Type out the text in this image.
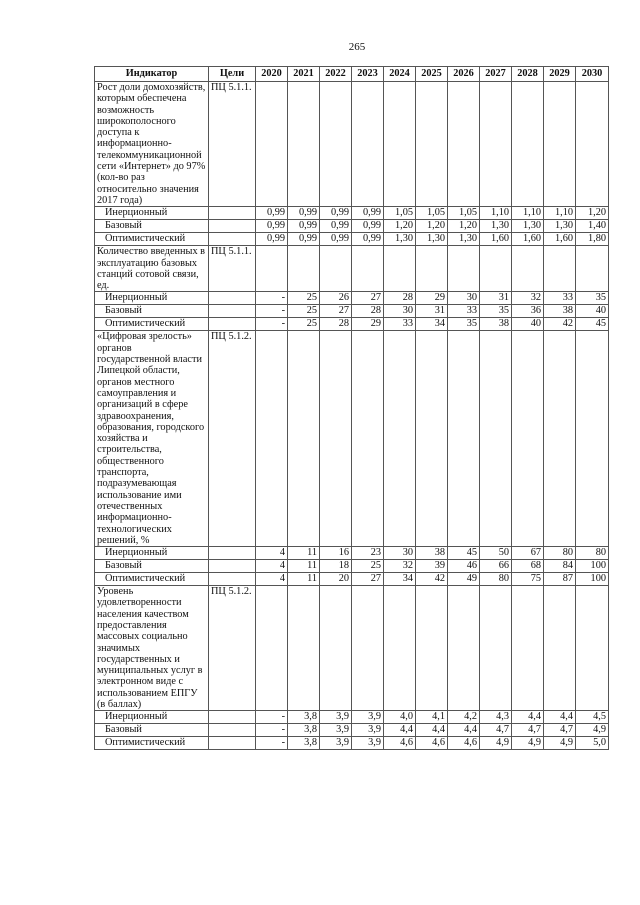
265
Индикатор	Цели	2020	2021	2022	2023	2024	2025	2026	2027	2028	2029	2030
Рост доли домохозяйств, которым обеспечена возможность широкополосного доступа к информационно-телекоммуникационной сети «Интернет» до 97% (кол-во раз относительно значения 2017 года)	ПЦ 5.1.1.											
Инерционный		0,99	0,99	0,99	0,99	1,05	1,05	1,05	1,10	1,10	1,10	1,20
Базовый		0,99	0,99	0,99	0,99	1,20	1,20	1,20	1,30	1,30	1,30	1,40
Оптимистический		0,99	0,99	0,99	0,99	1,30	1,30	1,30	1,60	1,60	1,60	1,80
Количество введенных в эксплуатацию базовых станций сотовой связи, ед.	ПЦ 5.1.1.											
Инерционный		-	25	26	27	28	29	30	31	32	33	35
Базовый		-	25	27	28	30	31	33	35	36	38	40
Оптимистический		-	25	28	29	33	34	35	38	40	42	45
«Цифровая зрелость» органов государственной власти Липецкой области, органов местного самоуправления и организаций в сфере здравоохранения, образования, городского хозяйства и строительства, общественного транспорта, подразумевающая использование ими отечественных информационно-технологических решений, %	ПЦ 5.1.2.											
Инерционный		4	11	16	23	30	38	45	50	67	80	80
Базовый		4	11	18	25	32	39	46	66	68	84	100
Оптимистический		4	11	20	27	34	42	49	80	75	87	100
Уровень удовлетворенности населения качеством предоставления массовых социально значимых государственных и муниципальных услуг в электронном виде с использованием ЕПГУ (в баллах)	ПЦ 5.1.2.											
Инерционный		-	3,8	3,9	3,9	4,0	4,1	4,2	4,3	4,4	4,4	4,5
Базовый		-	3,8	3,9	3,9	4,4	4,4	4,4	4,7	4,7	4,7	4,9
Оптимистический		-	3,8	3,9	3,9	4,6	4,6	4,6	4,9	4,9	4,9	5,0
